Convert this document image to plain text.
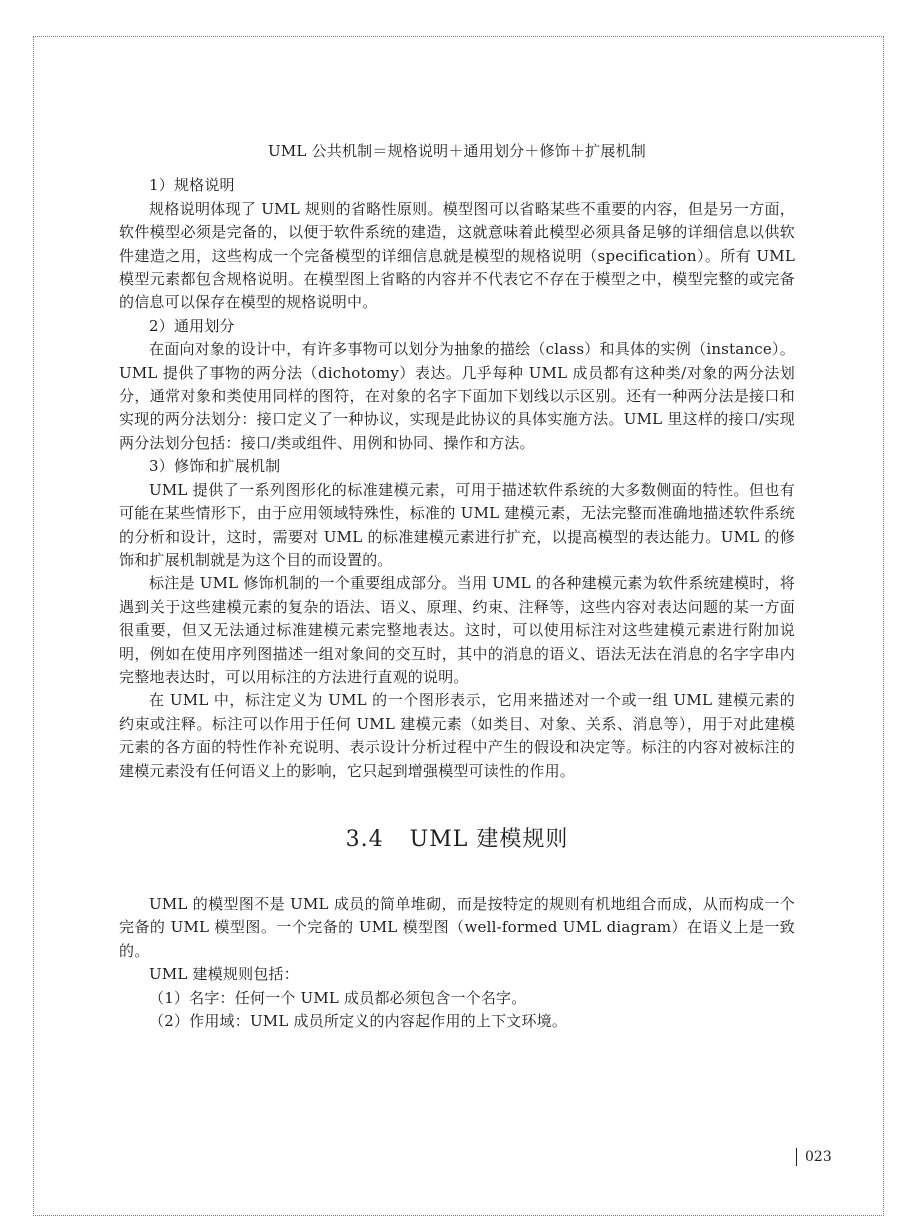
UML 公共机制＝规格说明＋通用划分＋修饰＋扩展机制

1）规格说明

规格说明体现了 UML 规则的省略性原则。模型图可以省略某些不重要的内容，但是另一方面，软件模型必须是完备的，以便于软件系统的建造，这就意味着此模型必须具备足够的详细信息以供软件建造之用，这些构成一个完备模型的详细信息就是模型的规格说明（specification）。所有 UML 模型元素都包含规格说明。在模型图上省略的内容并不代表它不存在于模型之中，模型完整的或完备的信息可以保存在模型的规格说明中。

2）通用划分

在面向对象的设计中，有许多事物可以划分为抽象的描绘（class）和具体的实例（instance）。UML 提供了事物的两分法（dichotomy）表达。几乎每种 UML 成员都有这种类/对象的两分法划分，通常对象和类使用同样的图符，在对象的名字下面加下划线以示区别。还有一种两分法是接口和实现的两分法划分：接口定义了一种协议，实现是此协议的具体实施方法。UML 里这样的接口/实现两分法划分包括：接口/类或组件、用例和协同、操作和方法。

3）修饰和扩展机制

UML 提供了一系列图形化的标准建模元素，可用于描述软件系统的大多数侧面的特性。但也有可能在某些情形下，由于应用领域特殊性，标准的 UML 建模元素，无法完整而准确地描述软件系统的分析和设计，这时，需要对 UML 的标准建模元素进行扩充，以提高模型的表达能力。UML 的修饰和扩展机制就是为这个目的而设置的。

标注是 UML 修饰机制的一个重要组成部分。当用 UML 的各种建模元素为软件系统建模时，将遇到关于这些建模元素的复杂的语法、语义、原理、约束、注释等，这些内容对表达问题的某一方面很重要，但又无法通过标准建模元素完整地表达。这时，可以使用标注对这些建模元素进行附加说明，例如在使用序列图描述一组对象间的交互时，其中的消息的语义、语法无法在消息的名字字串内完整地表达时，可以用标注的方法进行直观的说明。

在 UML 中，标注定义为 UML 的一个图形表示，它用来描述对一个或一组 UML 建模元素的约束或注释。标注可以作用于任何 UML 建模元素（如类目、对象、关系、消息等），用于对此建模元素的各方面的特性作补充说明、表示设计分析过程中产生的假设和决定等。标注的内容对被标注的建模元素没有任何语义上的影响，它只起到增强模型可读性的作用。

3.4 UML 建模规则

UML 的模型图不是 UML 成员的简单堆砌，而是按特定的规则有机地组合而成，从而构成一个完备的 UML 模型图。一个完备的 UML 模型图（well-formed UML diagram）在语义上是一致的。

UML 建模规则包括：

（1）名字：任何一个 UML 成员都必须包含一个名字。

（2）作用域：UML 成员所定义的内容起作用的上下文环境。

023
